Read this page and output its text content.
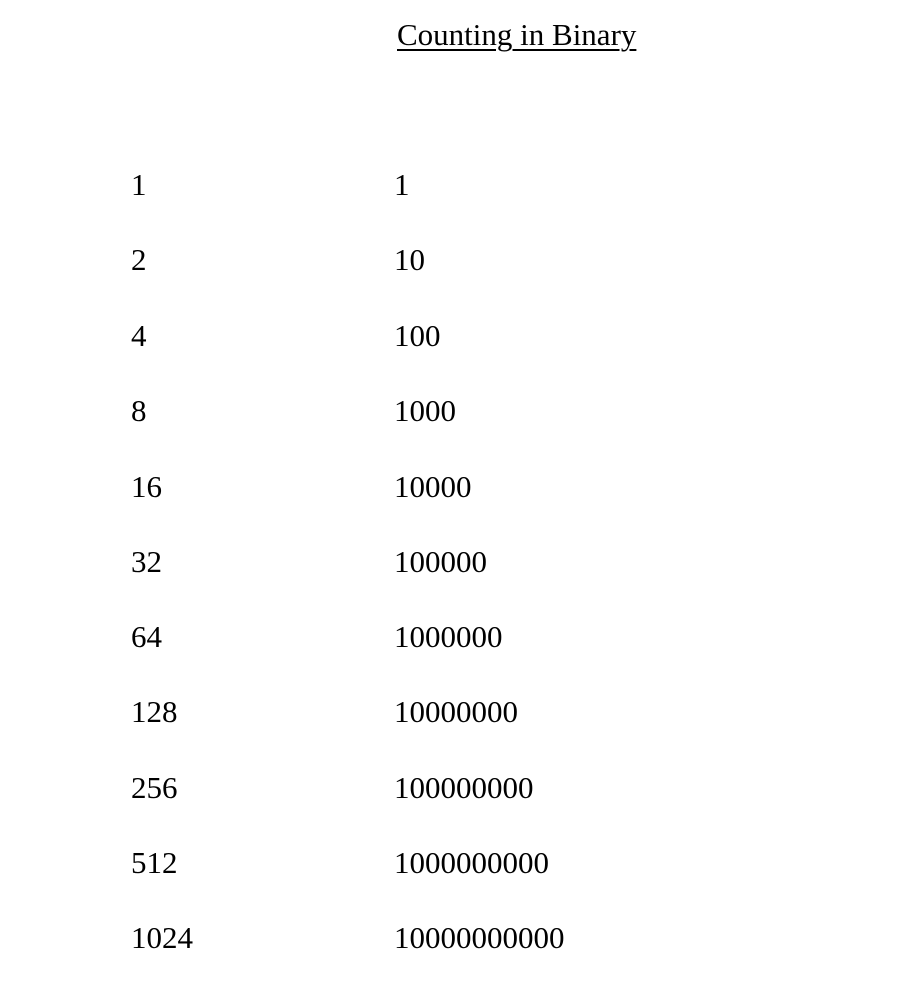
Counting in Binary
1	1
2	10
4	100
8	1000
16	10000
32	100000
64	1000000
128	10000000
256	100000000
512	1000000000
1024	10000000000
